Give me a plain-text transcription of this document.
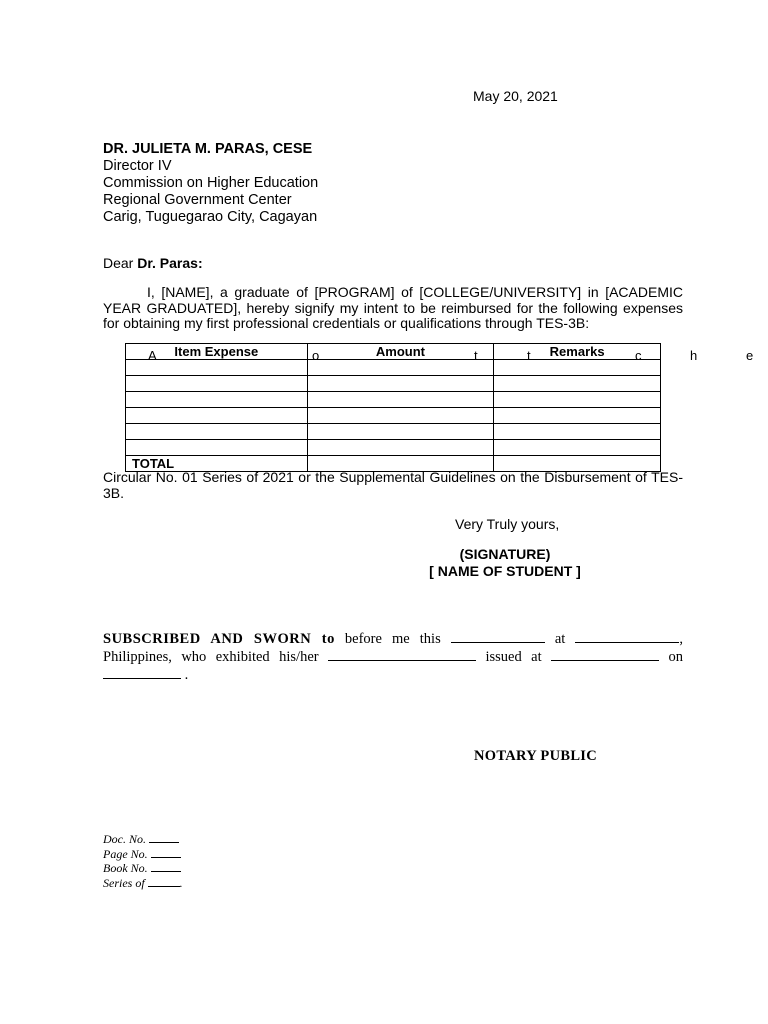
May 20, 2021
DR. JULIETA M. PARAS, CESE
Director IV
Commission on Higher Education
Regional Government Center
Carig, Tuguegarao City, Cagayan
Dear Dr. Paras:
I, [NAME], a graduate of [PROGRAM] of [COLLEGE/UNIVERSITY] in [ACADEMIC YEAR GRADUATED], hereby signify my intent to be reimbursed for the following expenses for obtaining my first professional credentials or qualifications through TES-3B:
A	o	t	t	c	h	e
Item Expense	Amount	Remarks

TOTAL		
Circular No. 01 Series of 2021 or the Supplemental Guidelines on the Disbursement of TES-3B.
Very Truly yours,
(SIGNATURE)
[ NAME OF STUDENT ]
SUBSCRIBED AND SWORN to before me this	at	, Philippines, who exhibited his/her	issued at	on  .
NOTARY PUBLIC
Doc. No.
Page No.
Book No.
Series of	.
